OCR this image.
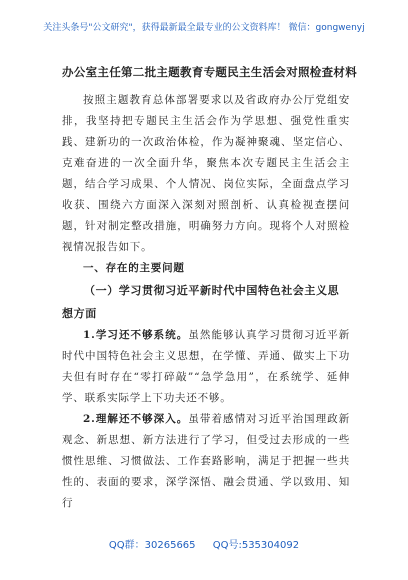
关注头条号"公文研究"，获得最新最全最专业的公文资料库！ 微信：gongwenyj
办公室主任第二批主题教育专题民主生活会对照检查材料

按照主题教育总体部署要求以及省政府办公厅党组安排，我坚持把专题民主生活会作为学思想、强党性重实践、建新功的一次政治体检，作为凝神聚魂、坚定信心、克难奋进的一次全面升华，聚焦本次专题民主生活会主题，结合学习成果、个人情况、岗位实际，全面盘点学习收获、围绕六方面深入深刻对照剖析、认真检视查摆问题，针对制定整改措施，明确努力方向。现将个人对照检视情况报告如下。

一、存在的主要问题

（一）学习贯彻习近平新时代中国特色社会主义思想方面

1.学习还不够系统。虽然能够认真学习贯彻习近平新时代中国特色社会主义思想，在学懂、弄通、做实上下功夫但有时存在“零打碎敲”“急学急用”，在系统学、延伸学、联系实际学上下功夫还不够。

2.理解还不够深入。虽带着感情对习近平治国理政新观念、新思想、新方法进行了学习，但受过去形成的一些惯性思维、习惯做法、工作套路影响，满足于把握一些共性的、表面的要求，深学深悟、融会贯通、学以致用、知行

QQ群：30265665 QQ号:535304092
